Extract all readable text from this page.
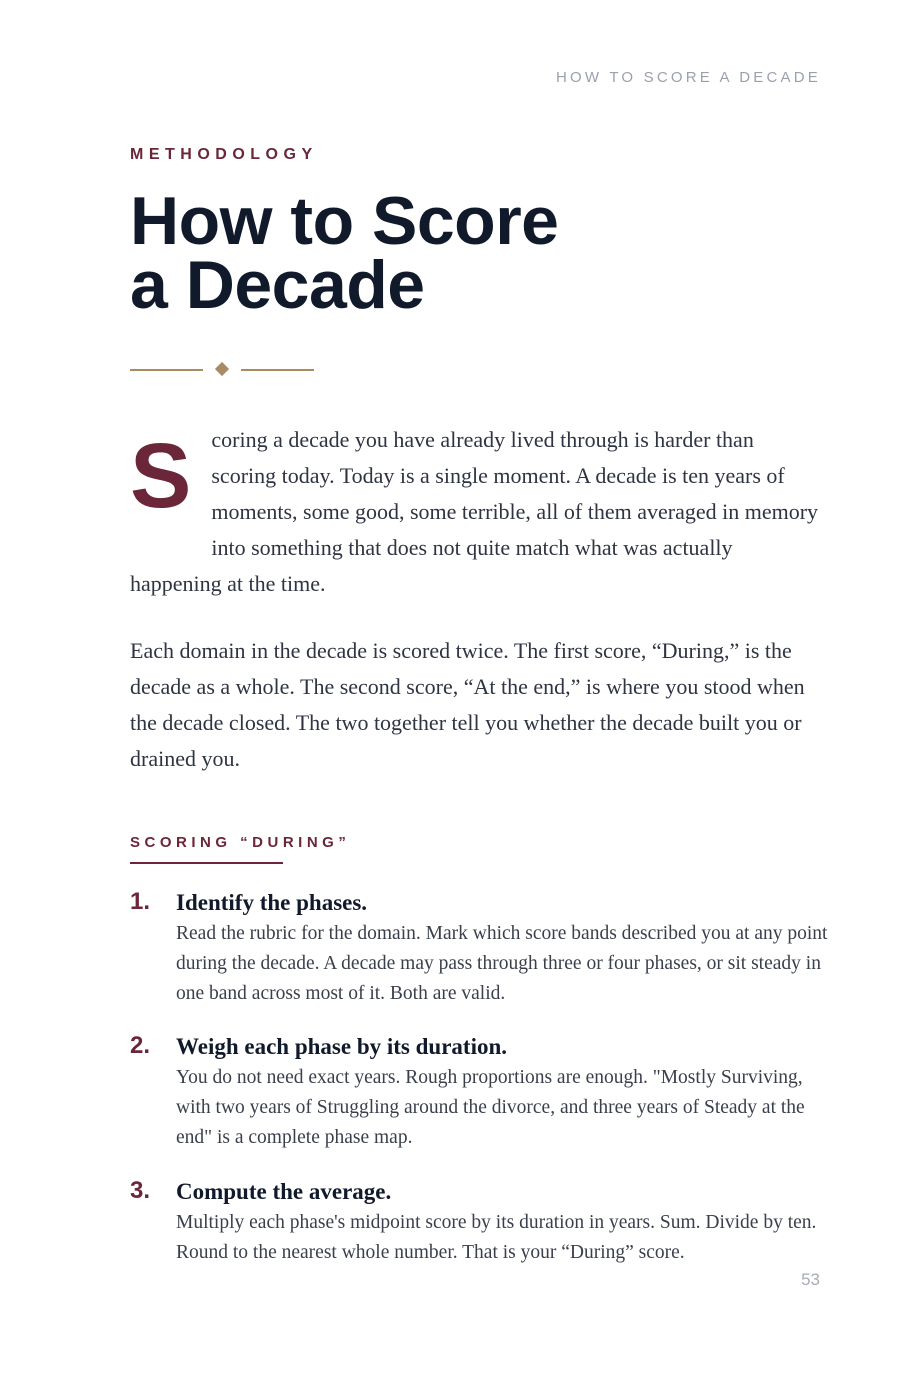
HOW TO SCORE A DECADE
METHODOLOGY
How to Score
a Decade
Scoring a decade you have already lived through is harder than scoring today. Today is a single moment. A decade is ten years of moments, some good, some terrible, all of them averaged in memory into something that does not quite match what was actually happening at the time.

Each domain in the decade is scored twice. The first score, “During,” is the decade as a whole. The second score, “At the end,” is where you stood when the decade closed. The two together tell you whether the decade built you or drained you.

SCORING “DURING”
1. Identify the phases.
Read the rubric for the domain. Mark which score bands described you at any point during the decade. A decade may pass through three or four phases, or sit steady in one band across most of it. Both are valid.
2. Weigh each phase by its duration.
You do not need exact years. Rough proportions are enough. "Mostly Surviving, with two years of Struggling around the divorce, and three years of Steady at the end" is a complete phase map.
3. Compute the average.
Multiply each phase's midpoint score by its duration in years. Sum. Divide by ten. Round to the nearest whole number. That is your “During” score.
53
